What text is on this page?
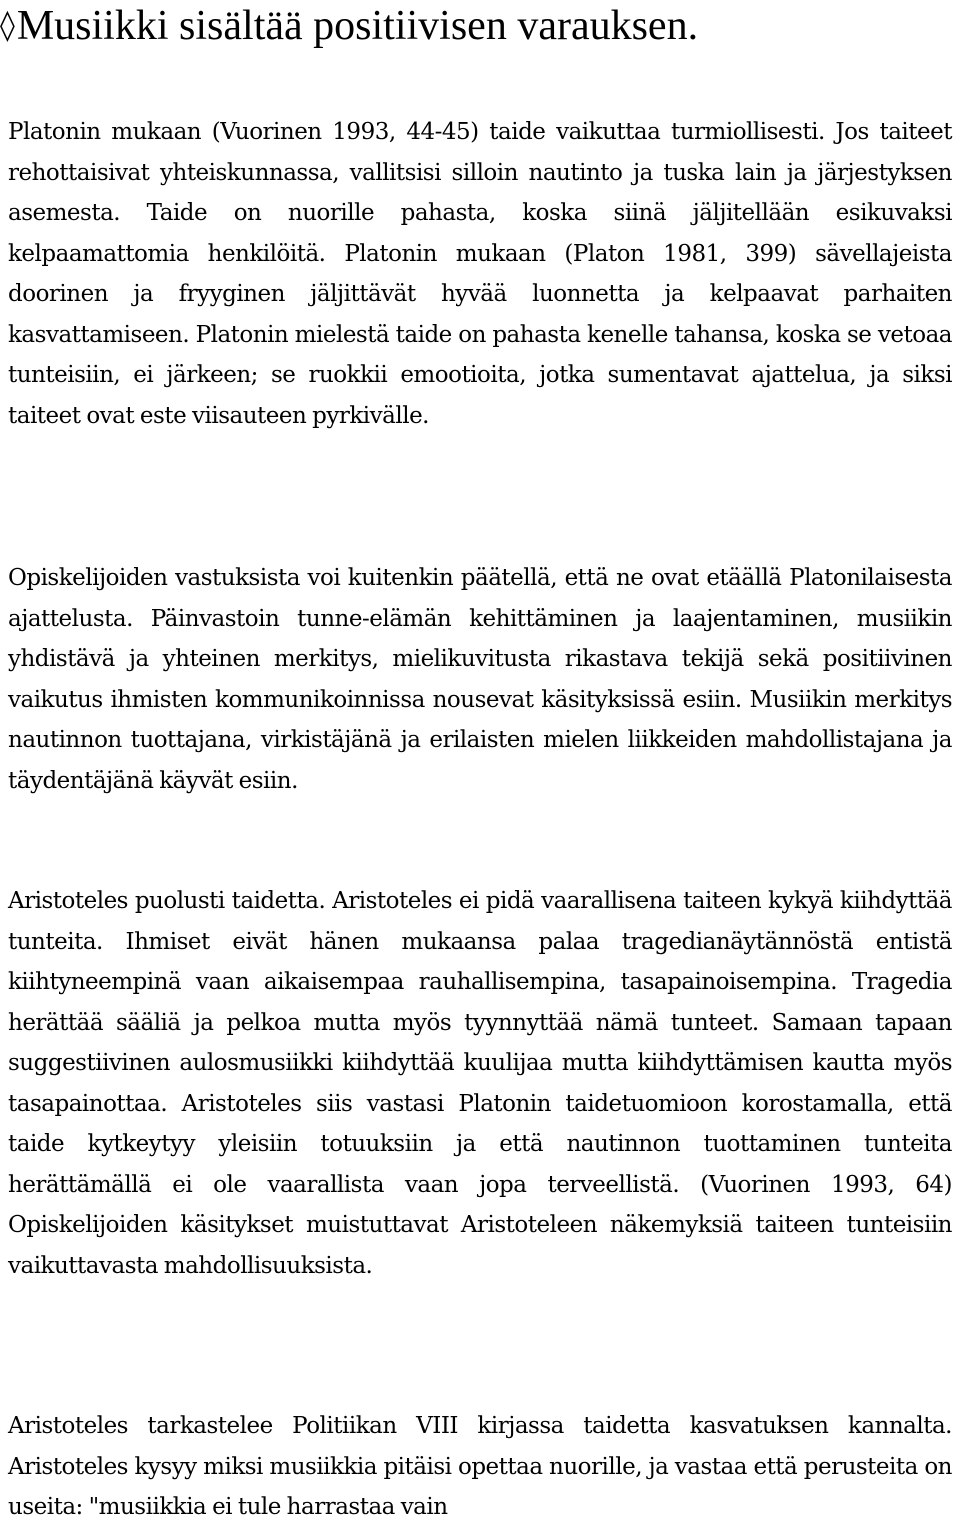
◊ Musiikki sisältää positiivisen varauksen.

Platonin mukaan (Vuorinen 1993, 44-45) taide vaikuttaa turmiollisesti. Jos taiteet rehottaisivat yhteiskunnassa, vallitsisi silloin nautinto ja tuska lain ja järjestyksen asemesta. Taide on nuorille pahasta, koska siinä jäljitellään esikuvaksi kelpaamattomia henkilöitä. Platonin mukaan (Platon 1981, 399) sävellajeista doorinen ja fryyginen jäljittävät hyvää luonnetta ja kelpaavat parhaiten kasvattamiseen. Platonin mielestä taide on pahasta kenelle tahansa, koska se vetoaa tunteisiin, ei järkeen; se ruokkii emootioita, jotka sumentavat ajattelua, ja siksi taiteet ovat este viisauteen pyrkivälle.

Opiskelijoiden vastuksista voi kuitenkin päätellä, että ne ovat etäällä Platonilaisesta ajattelusta. Päinvastoin tunne-elämän kehittäminen ja laajentaminen, musiikin yhdistävä ja yhteinen merkitys, mielikuvitusta rikastava tekijä sekä positiivinen vaikutus ihmisten kommunikoinnissa nousevat käsityksissä esiin. Musiikin merkitys nautinnon tuottajana, virkistäjänä ja erilaisten mielen liikkeiden mahdollistajana ja täydentäjänä käyvät esiin.

Aristoteles puolusti taidetta. Aristoteles ei pidä vaarallisena taiteen kykyä kiihdyttää tunteita. Ihmiset eivät hänen mukaansa palaa tragedianäytännöstä entistä kiihtyneempinä vaan aikaisempaa rauhallisempina, tasapainoisempina. Tragedia herättää sääliä ja pelkoa mutta myös tyynnyttää nämä tunteet. Samaan tapaan suggestiivinen aulosmusiikki kiihdyttää kuulijaa mutta kiihdyttämisen kautta myös tasapainottaa. Aristoteles siis vastasi Platonin taidetuomioon korostamalla, että taide kytkeytyy yleisiin totuuksiin ja että nautinnon tuottaminen tunteita herättämällä ei ole vaarallista vaan jopa terveellistä. (Vuorinen 1993, 64) Opiskelijoiden käsitykset muistuttavat Aristoteleen näkemyksiä taiteen tunteisiin vaikuttavasta mahdollisuuksista.

Aristoteles tarkastelee Politiikan VIII kirjassa taidetta kasvatuksen kannalta. Aristoteles kysyy miksi musiikkia pitäisi opettaa nuorille, ja vastaa että perusteita on useita: "musiikkia ei tule harrastaa vain
